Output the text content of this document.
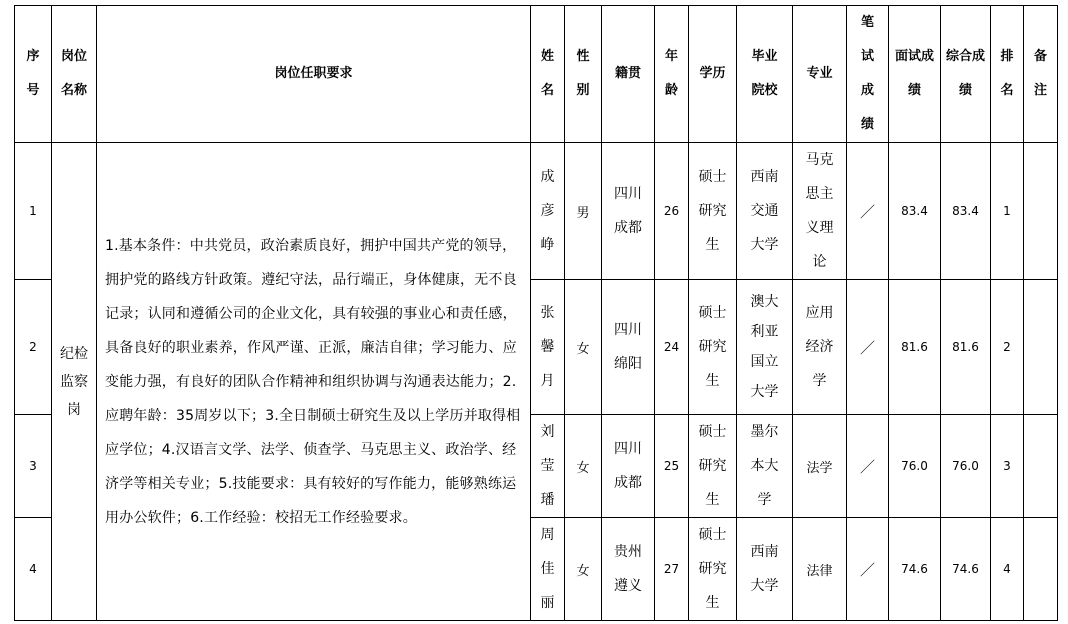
序号	岗位名称	岗位任职要求	姓名	性别	籍贯	年龄	学历	毕业院校	专业	笔试成绩	面试成绩	综合成绩	排名	备注
1	纪检监察岗	1.基本条件：中共党员，政治素质良好，拥护中国共产党的领导，拥护党的路线方针政策。遵纪守法，品行端正，身体健康，无不良记录；认同和遵循公司的企业文化，具有较强的事业心和责任感，具备良好的职业素养，作风严谨、正派，廉洁自律；学习能力、应变能力强，有良好的团队合作精神和组织协调与沟通表达能力；2.应聘年龄：35周岁以下；3.全日制硕士研究生及以上学历并取得相应学位；4.汉语言文学、法学、侦查学、马克思主义、政治学、经济学等相关专业；5.技能要求：具有较好的写作能力，能够熟练运用办公软件；6.工作经验：校招无工作经验要求。	成彦峥	男	四川成都	26	硕士研究生	西南交通大学	马克思主义理论	／	83.4	83.4	1	
2			张馨月	女	四川绵阳	24	硕士研究生	澳大利亚国立大学	应用经济学	／	81.6	81.6	2	
3			刘莹璠	女	四川成都	25	硕士研究生	墨尔本大学	法学	／	76.0	76.0	3	
4			周佳丽	女	贵州遵义	27	硕士研究生	西南大学	法律	／	74.6	74.6	4	
